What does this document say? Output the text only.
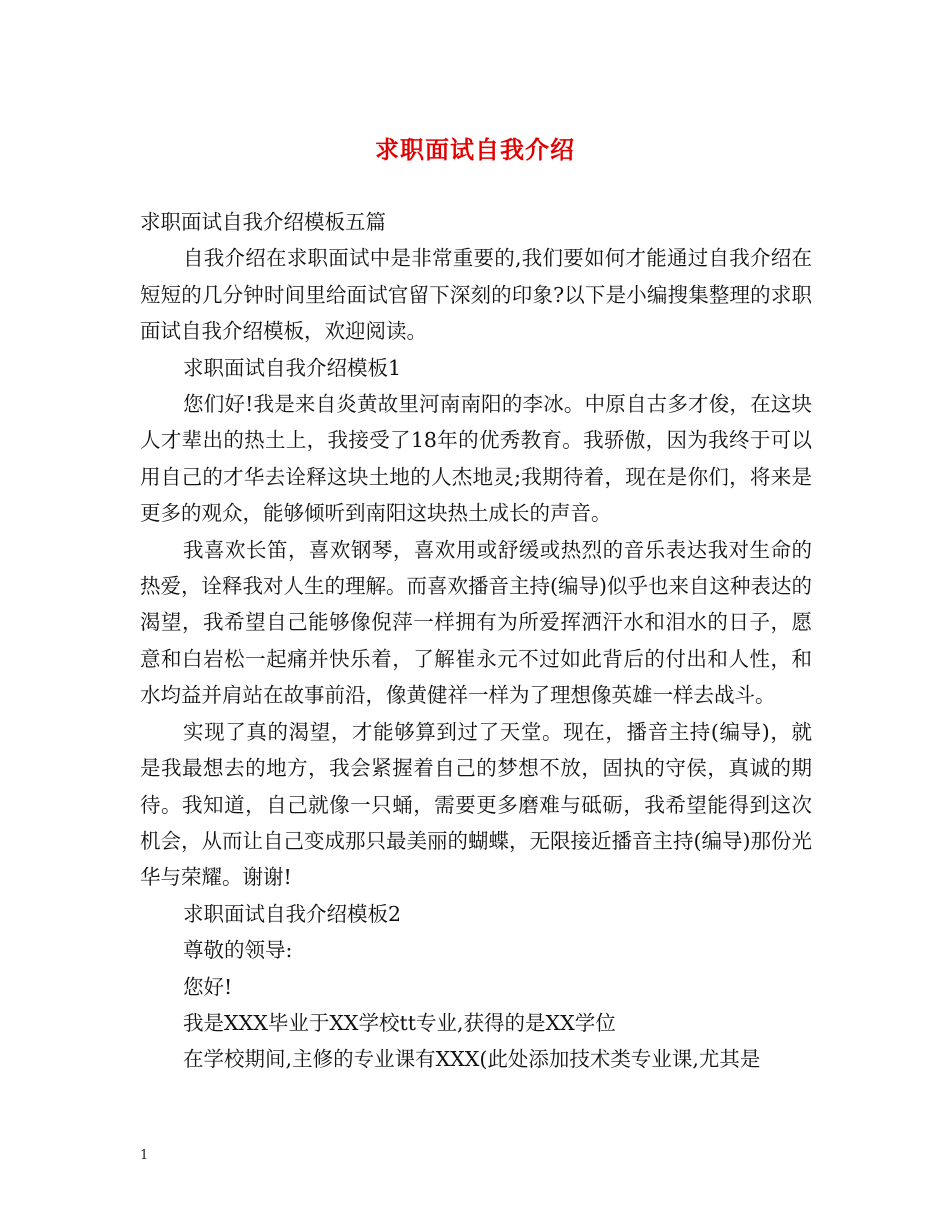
求职面试自我介绍

求职面试自我介绍模板五篇

自我介绍在求职面试中是非常重要的,我们要如何才能通过自我介绍在短短的几分钟时间里给面试官留下深刻的印象?以下是小编搜集整理的求职面试自我介绍模板，欢迎阅读。

求职面试自我介绍模板1

您们好!我是来自炎黄故里河南南阳的李冰。中原自古多才俊，在这块人才辈出的热土上，我接受了18年的优秀教育。我骄傲，因为我终于可以用自己的才华去诠释这块土地的人杰地灵;我期待着，现在是你们，将来是更多的观众，能够倾听到南阳这块热土成长的声音。

我喜欢长笛，喜欢钢琴，喜欢用或舒缓或热烈的音乐表达我对生命的热爱，诠释我对人生的理解。而喜欢播音主持(编导)似乎也来自这种表达的渴望，我希望自己能够像倪萍一样拥有为所爱挥洒汗水和泪水的日子，愿意和白岩松一起痛并快乐着，了解崔永元不过如此背后的付出和人性，和水均益并肩站在故事前沿，像黄健祥一样为了理想像英雄一样去战斗。

实现了真的渴望，才能够算到过了天堂。现在，播音主持(编导)，就是我最想去的地方，我会紧握着自己的梦想不放，固执的守侯，真诚的期待。我知道，自己就像一只蛹，需要更多磨难与砥砺，我希望能得到这次机会，从而让自己变成那只最美丽的蝴蝶，无限接近播音主持(编导)那份光华与荣耀。谢谢!

求职面试自我介绍模板2

尊敬的领导:

您好!

我是XXX毕业于XX学校tt专业,获得的是XX学位

在学校期间,主修的专业课有XXX(此处添加技术类专业课,尤其是

1
